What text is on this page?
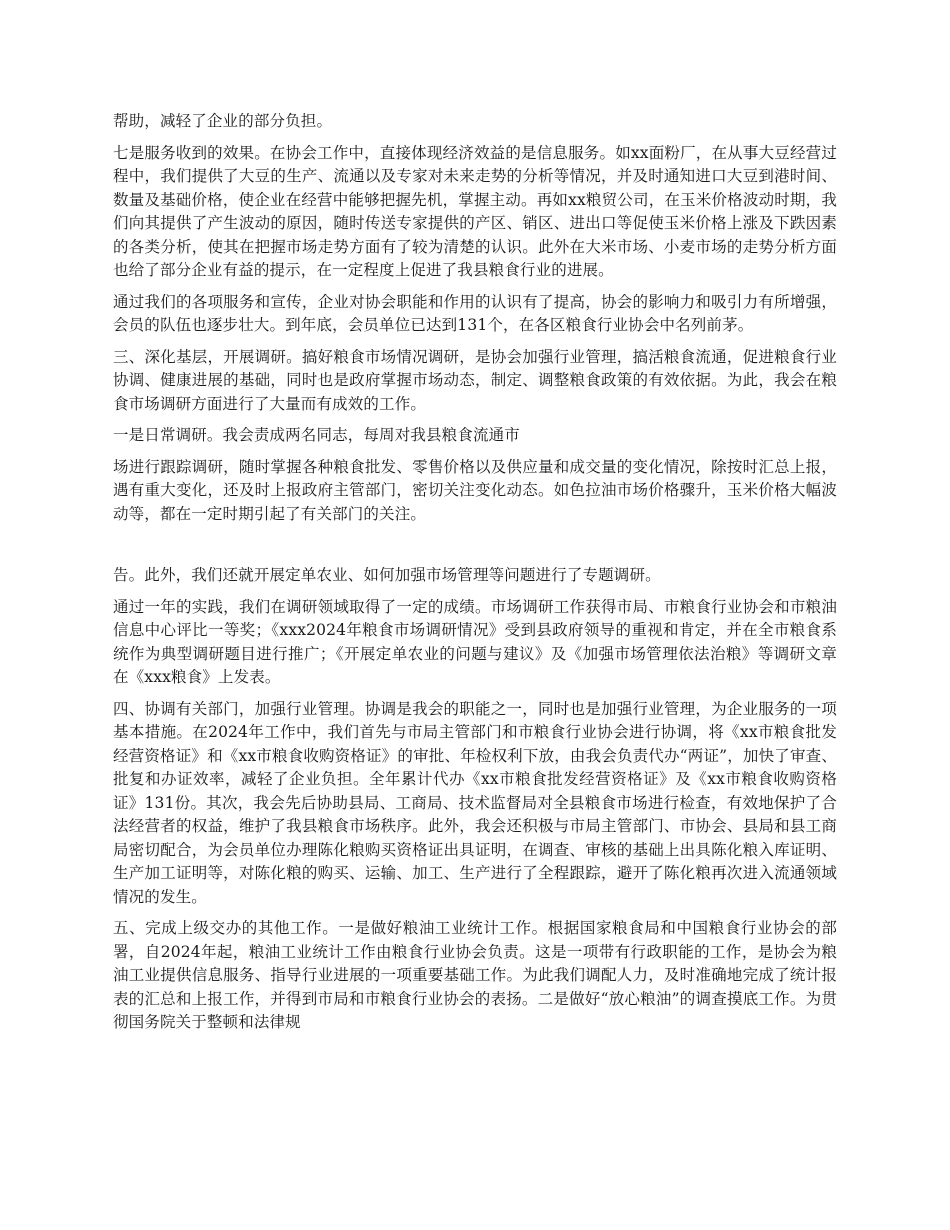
帮助，减轻了企业的部分负担。

七是服务收到的效果。在协会工作中，直接体现经济效益的是信息服务。如xx面粉厂，在从事大豆经营过程中，我们提供了大豆的生产、流通以及专家对未来走势的分析等情况，并及时通知进口大豆到港时间、数量及基础价格，使企业在经营中能够把握先机，掌握主动。再如xx粮贸公司，在玉米价格波动时期，我们向其提供了产生波动的原因，随时传送专家提供的产区、销区、进出口等促使玉米价格上涨及下跌因素的各类分析，使其在把握市场走势方面有了较为清楚的认识。此外在大米市场、小麦市场的走势分析方面也给了部分企业有益的提示，在一定程度上促进了我县粮食行业的进展。

通过我们的各项服务和宣传，企业对协会职能和作用的认识有了提高，协会的影响力和吸引力有所增强，会员的队伍也逐步壮大。到年底，会员单位已达到131个，在各区粮食行业协会中名列前茅。

三、深化基层，开展调研。搞好粮食市场情况调研，是协会加强行业管理，搞活粮食流通，促进粮食行业协调、健康进展的基础，同时也是政府掌握市场动态，制定、调整粮食政策的有效依据。为此，我会在粮食市场调研方面进行了大量而有成效的工作。

一是日常调研。我会责成两名同志，每周对我县粮食流通市

场进行跟踪调研，随时掌握各种粮食批发、零售价格以及供应量和成交量的变化情况，除按时汇总上报，遇有重大变化，还及时上报政府主管部门，密切关注变化动态。如色拉油市场价格骤升，玉米价格大幅波动等，都在一定时期引起了有关部门的关注。

告。此外，我们还就开展定单农业、如何加强市场管理等问题进行了专题调研。

通过一年的实践，我们在调研领域取得了一定的成绩。市场调研工作获得市局、市粮食行业协会和市粮油信息中心评比一等奖；《xxx2024年粮食市场调研情况》受到县政府领导的重视和肯定，并在全市粮食系统作为典型调研题目进行推广；《开展定单农业的问题与建议》及《加强市场管理依法治粮》等调研文章在《xxx粮食》上发表。

四、协调有关部门，加强行业管理。协调是我会的职能之一，同时也是加强行业管理，为企业服务的一项基本措施。在2024年工作中，我们首先与市局主管部门和市粮食行业协会进行协调，将《xx市粮食批发经营资格证》和《xx市粮食收购资格证》的审批、年检权利下放，由我会负责代办“两证”，加快了审查、批复和办证效率，减轻了企业负担。全年累计代办《xx市粮食批发经营资格证》及《xx市粮食收购资格证》131份。其次，我会先后协助县局、工商局、技术监督局对全县粮食市场进行检查，有效地保护了合法经营者的权益，维护了我县粮食市场秩序。此外，我会还积极与市局主管部门、市协会、县局和县工商局密切配合，为会员单位办理陈化粮购买资格证出具证明，在调查、审核的基础上出具陈化粮入库证明、生产加工证明等，对陈化粮的购买、运输、加工、生产进行了全程跟踪，避开了陈化粮再次进入流通领域情况的发生。

五、完成上级交办的其他工作。一是做好粮油工业统计工作。根据国家粮食局和中国粮食行业协会的部署，自2024年起，粮油工业统计工作由粮食行业协会负责。这是一项带有行政职能的工作，是协会为粮油工业提供信息服务、指导行业进展的一项重要基础工作。为此我们调配人力，及时准确地完成了统计报表的汇总和上报工作，并得到市局和市粮食行业协会的表扬。二是做好“放心粮油”的调查摸底工作。为贯彻国务院关于整顿和法律规
